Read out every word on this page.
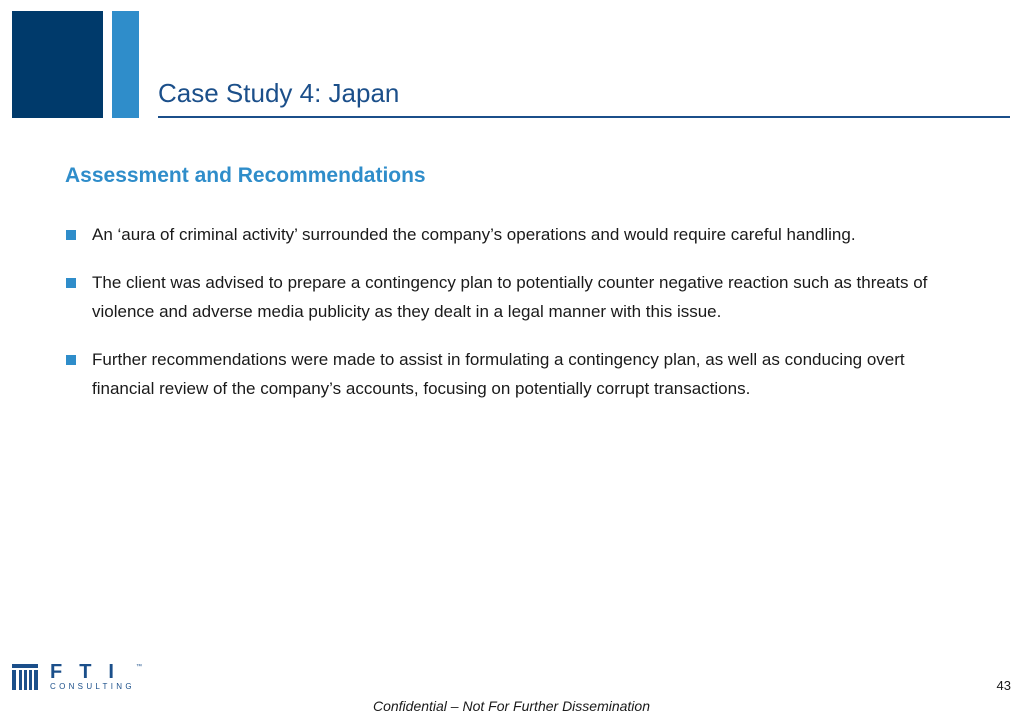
Case Study 4: Japan
Assessment and Recommendations
An ‘aura of criminal activity’ surrounded the company’s operations and would require careful handling.
The client was advised to prepare a contingency plan to potentially counter negative reaction such as threats of violence and adverse media publicity as they dealt in a legal manner with this issue.
Further recommendations were made to assist in formulating a contingency plan, as well as conducing overt financial review of the company’s accounts, focusing on potentially corrupt transactions.
FTI ™
CONSULTING	43
Confidential – Not For Further Dissemination
